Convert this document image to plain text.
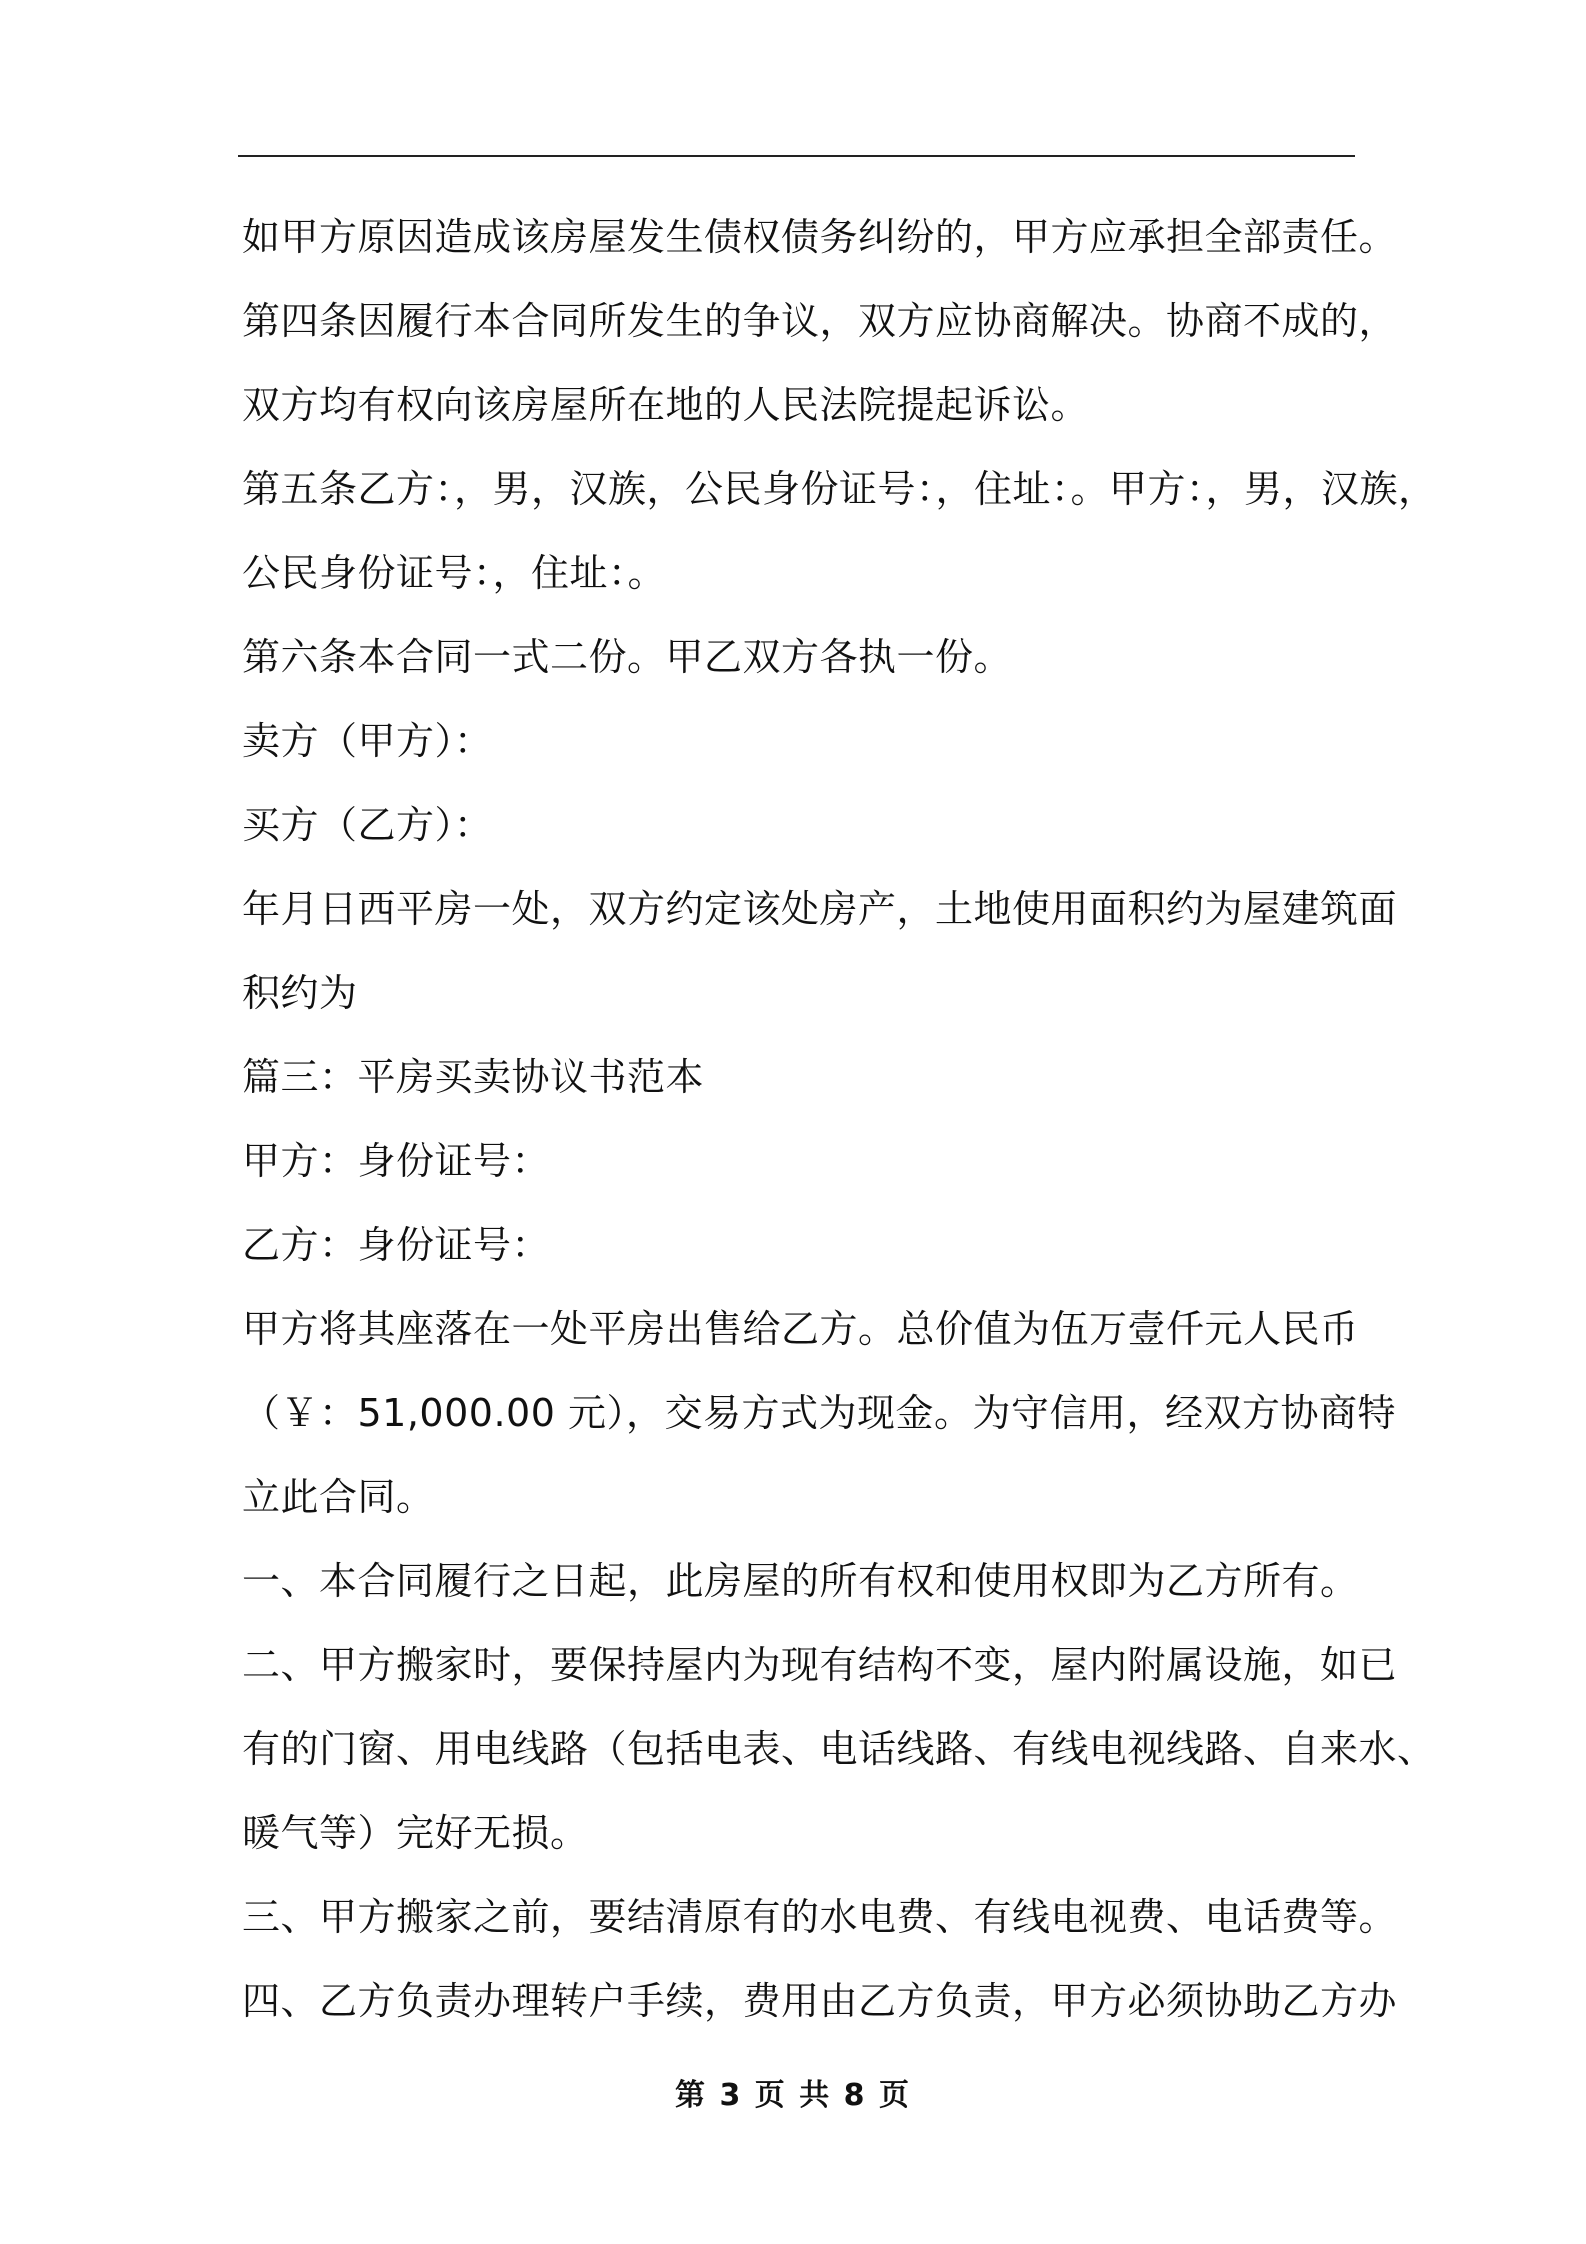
如甲方原因造成该房屋发生债权债务纠纷的，甲方应承担全部责任。
第四条因履行本合同所发生的争议，双方应协商解决。协商不成的，
双方均有权向该房屋所在地的人民法院提起诉讼。
第五条乙方：，男，汉族，公民身份证号：，住址：。甲方：，男，汉族，
公民身份证号：，住址：。
第六条本合同一式二份。甲乙双方各执一份。
卖方（甲方）：
买方（乙方）：
年月日西平房一处，双方约定该处房产，土地使用面积约为屋建筑面
积约为
篇三：平房买卖协议书范本
甲方：身份证号：
乙方：身份证号：
甲方将其座落在一处平房出售给乙方。总价值为伍万壹仟元人民币
（￥：51,000.00 元），交易方式为现金。为守信用，经双方协商特
立此合同。
一、本合同履行之日起，此房屋的所有权和使用权即为乙方所有。
二、甲方搬家时，要保持屋内为现有结构不变，屋内附属设施，如已
有的门窗、用电线路（包括电表、电话线路、有线电视线路、自来水、
暖气等）完好无损。
三、甲方搬家之前，要结清原有的水电费、有线电视费、电话费等。
四、乙方负责办理转户手续，费用由乙方负责，甲方必须协助乙方办
第 3 页 共 8 页
